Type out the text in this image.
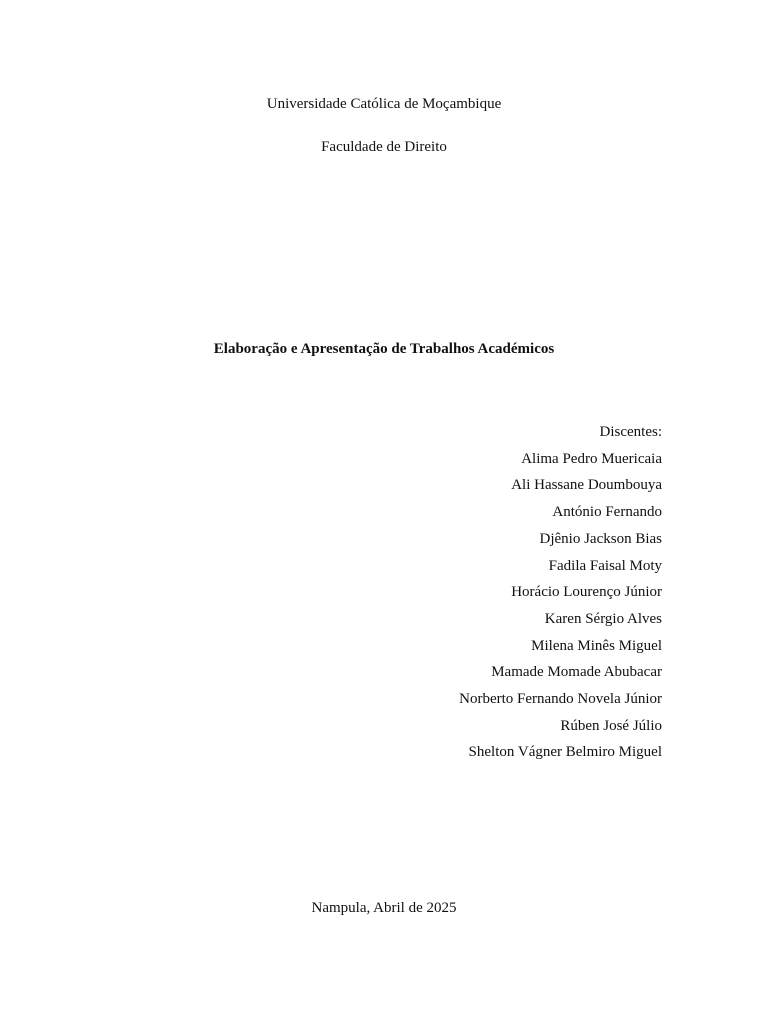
Universidade Católica de Moçambique
Faculdade de Direito
Elaboração e Apresentação de Trabalhos Académicos
Discentes:
Alima Pedro Muericaia
Ali Hassane Doumbouya
António Fernando
Djênio Jackson Bias
Fadila Faisal Moty
Horácio Lourenço Júnior
Karen Sérgio Alves
Milena Minês Miguel
Mamade Momade Abubacar
Norberto Fernando Novela Júnior
Rúben José Júlio
Shelton Vágner Belmiro Miguel
Nampula, Abril de 2025
